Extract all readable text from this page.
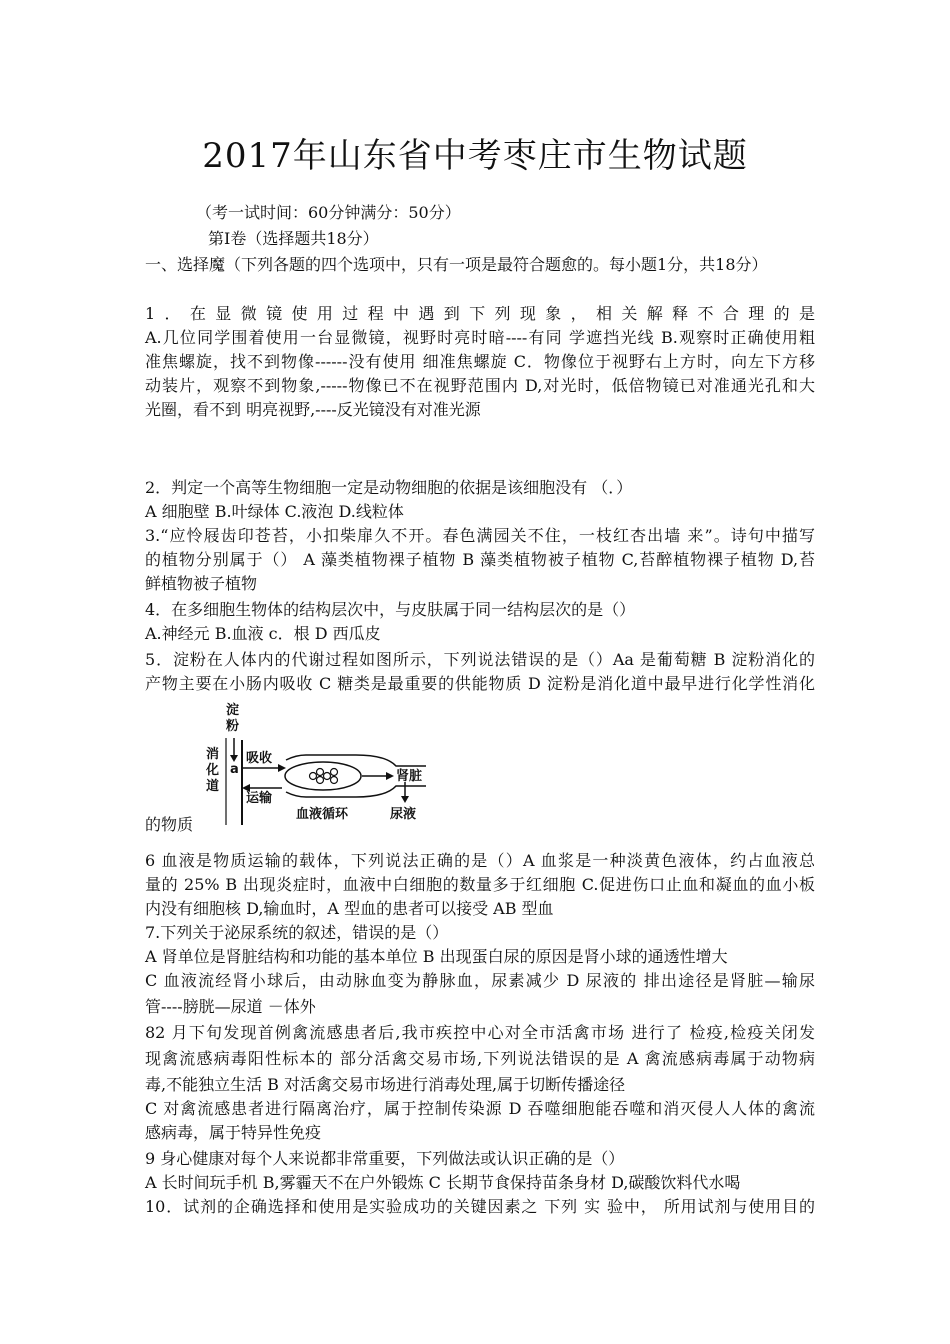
2017年山东省中考枣庄市生物试题
（考一试时间：60分钟满分：50分）
第Ⅰ卷（选择题共18分）
一、选择魔（下列各题的四个选项中，只有一项是最符合题愈的。每小题1分，共18分）
1．在显微镜使用过程中遇到下列现象，相关解释不合理的是
A.几位同学围着使用一台显微镜，视野时亮时暗----有同 学遮挡光线 B.观察时正确使用粗
准焦螺旋，找不到物像------没有使用 细准焦螺旋 C．物像位于视野右上方时，向左下方移
动装片，观察不到物象,-----物像已不在视野范围内 D,对光时，低倍物镜已对准通光孔和大
光圈，看不到 明亮视野,----反光镜没有对准光源
2．判定一个高等生物细胞一定是动物细胞的依据是该细胞没有 （．）
A 细胞壁 B.叶绿体 C.液泡 D.线粒体
3.“应怜屐齿印苍苔，小扣柴扉久不开。春色满园关不住，一枝红杏出墙 来”。诗句中描写
的植物分别属于（） A 藻类植物裸子植物 B 藻类植物被子植物 C,苔醉植物裸子植物 D,苔
鲜植物被子植物
4．在多细胞生物体的结构层次中，与皮肤属于同一结构层次的是（）
A.神经元 B.血液 c．根 D 西瓜皮
5．淀粉在人体内的代谢过程如图所示，下列说法错误的是（）Aa 是葡萄糖 B 淀粉消化的
产物主要在小肠内吸收 C 糖类是最重要的供能物质 D 淀粉是消化道中最早进行化学性消化
a
吸收
运输
肾脏
血液循环	尿液
淀 粉
消 化 道
的物质
6 血液是物质运输的载体，下列说法正确的是（）A 血浆是一种淡黄色液体，约占血液总
量的 25% B 出现炎症时，血液中白细胞的数量多于红细胞 C.促进伤口止血和凝血的血小板
内没有细胞核 D,输血时，A 型血的患者可以接受 AB 型血
7.下列关于泌尿系统的叙述，错误的是（）
A 肾单位是肾脏结构和功能的基本单位 B 出现蛋白尿的原因是肾小球的通透性增大
C 血液流经肾小球后，由动脉血变为静脉血，尿素减少 D 尿液的 排出途径是肾脏—输尿
管----膀胱—尿道 －体外
82 月下旬发现首例禽流感患者后,我市疾控中心对全市活禽市场 进行了 检疫,检疫关闭发
现禽流感病毒阳性标本的 部分活禽交易市场,下列说法错误的是 A 禽流感病毒属于动物病
毒,不能独立生活 B 对活禽交易市场进行消毒处理,属于切断传播途径
C 对禽流感患者进行隔离治疗，属于控制传染源 D 吞噬细胞能吞噬和消灭侵人人体的禽流
感病毒，属于特异性免疫
9 身心健康对每个人来说都非常重要，下列做法或认识正确的是（）
A 长时间玩手机 B,雾霾天不在户外锻炼 C 长期节食保持苗条身材 D,碳酸饮料代水喝
10．试剂的企确选择和使用是实验成功的关键因素之 下列 实 验中， 所用试剂与使用目的
